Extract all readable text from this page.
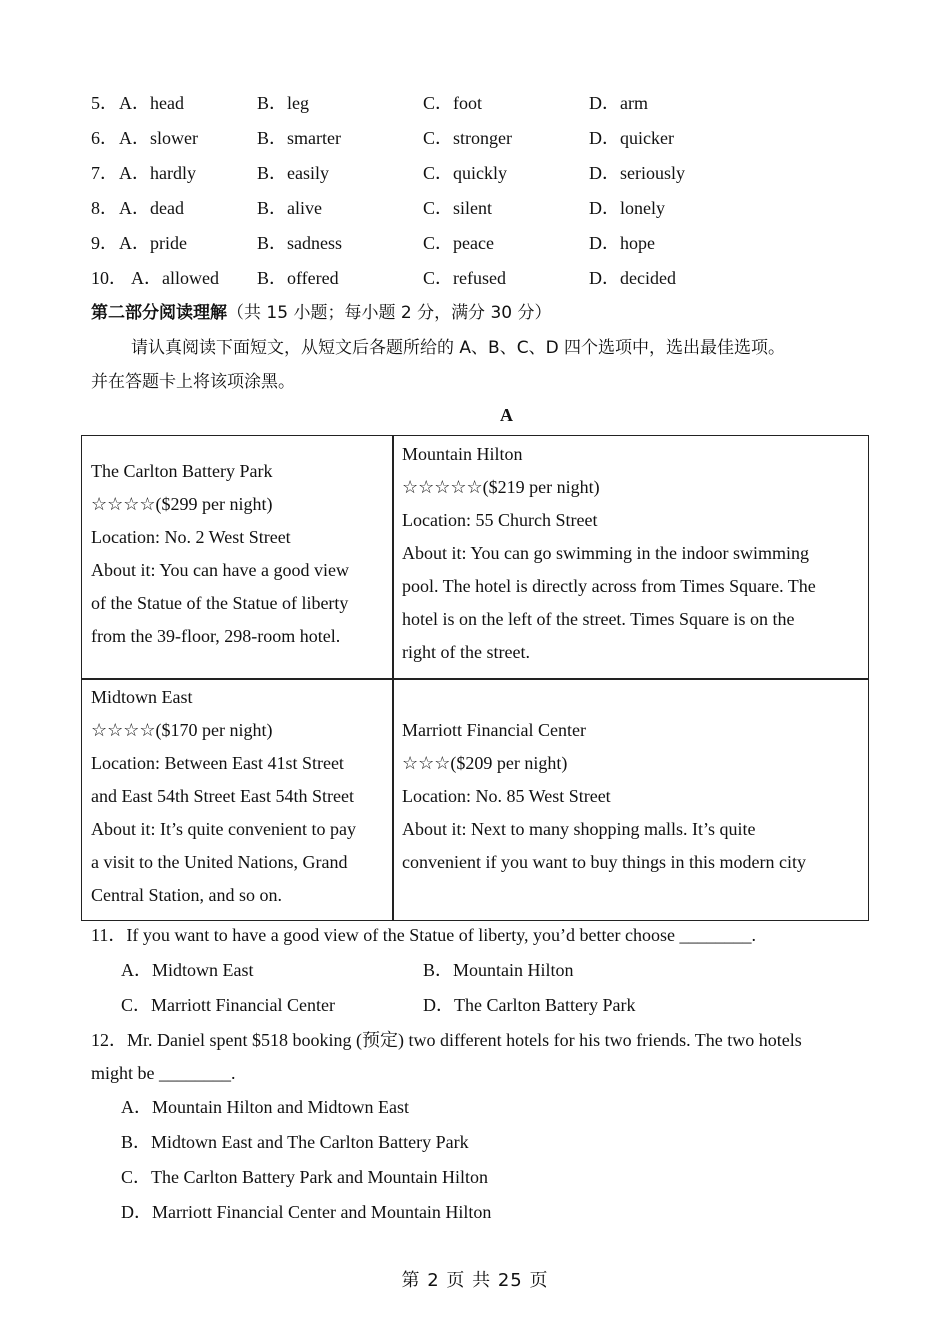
5． A．head	B．leg	C．foot	D．arm
6． A．slower	B．smarter	C．stronger	D．quicker
7． A．hardly	B．easily	C．quickly	D．seriously
8． A．dead	B．alive	C．silent	D．lonely
9． A．pride	B．sadness	C．peace	D．hope
10． A．allowed B．offered	C．refused	D．decided
第二部分阅读理解（共 15 小题；每小题 2 分，满分 30 分）
请认真阅读下面短文，从短文后各题所给的 A、B、C、D 四个选项中，选出最佳选项。
并在答题卡上将该项涂黑。
A
The Carlton Battery Park
☆☆☆☆($299 per night)
Location: No. 2 West Street
About it: You can have a good view
of the Statue of the Statue of liberty
from the 39-floor, 298-room hotel.
Mountain Hilton
☆☆☆☆☆($219 per night)
Location: 55 Church Street
About it: You can go swimming in the indoor swimming
pool. The hotel is directly across from Times Square. The
hotel is on the left of the street. Times Square is on the
right of the street.
Midtown East
☆☆☆☆($170 per night)
Location: Between East 41st Street
and East 54th Street East 54th Street
About it: It’s quite convenient to pay
a visit to the United Nations, Grand
Central Station, and so on.
Marriott Financial Center
☆☆☆($209 per night)
Location: No. 85 West Street
About it: Next to many shopping malls. It’s quite
convenient if you want to buy things in this modern city
11．If you want to have a good view of the Statue of liberty, you’d better choose ________.
A．Midtown East	B．Mountain Hilton
C．Marriott Financial Center	D．The Carlton Battery Park
12．Mr. Daniel spent $518 booking (预定) two different hotels for his two friends. The two hotels
might be ________.
A．Mountain Hilton and Midtown East
B．Midtown East and The Carlton Battery Park
C．The Carlton Battery Park and Mountain Hilton
D．Marriott Financial Center and Mountain Hilton
第 2 页 共 25 页
